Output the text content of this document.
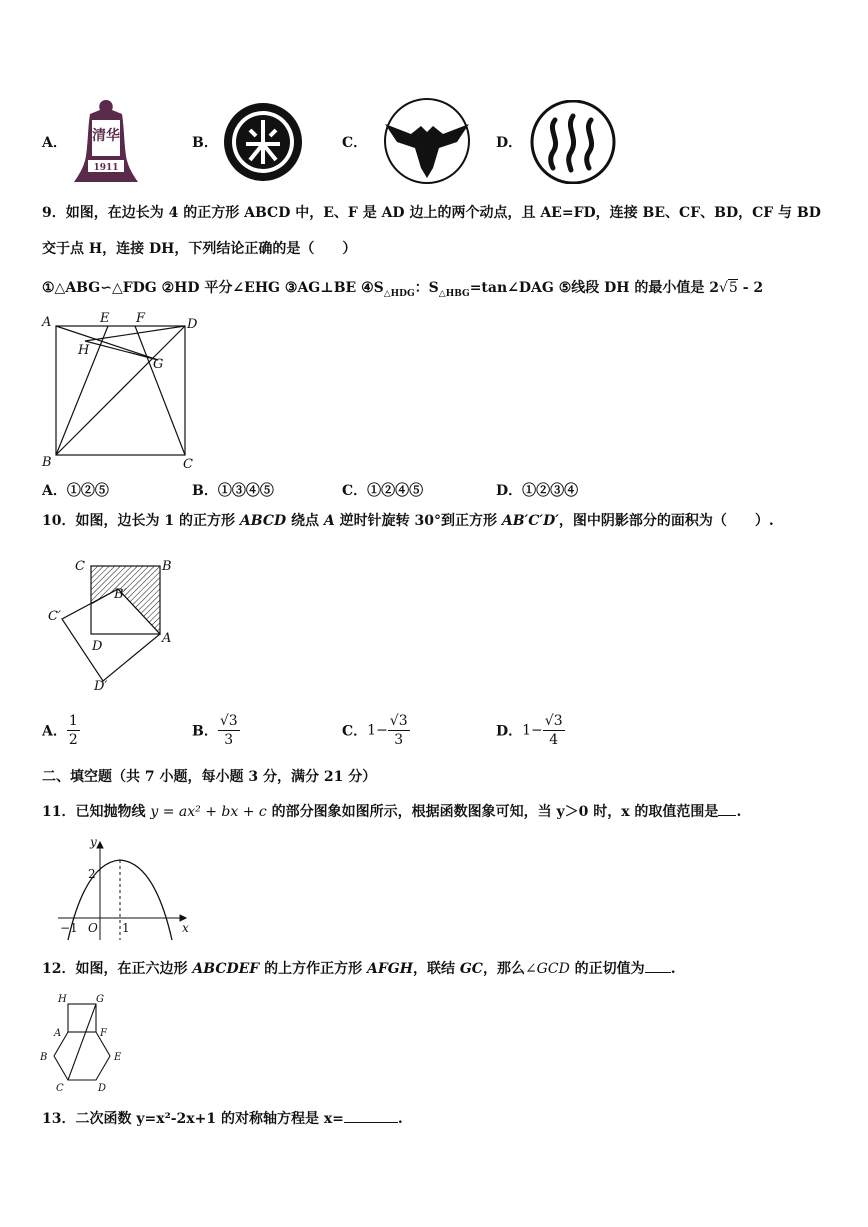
A． 清华
1911
B．	C．	D．
9．如图，在边长为 4 的正方形 ABCD 中，E、F 是 AD 边上的两个动点，且 AE=FD，连接 BE、CF、BD，CF 与 BD
交于点 H，连接 DH，下列结论正确的是（　　）
①△ABG∽△FDG ②HD 平分∠EHG ③AG⊥BE $④S_{\triangle HDG}$：$S_{\triangle HBG}=\tan\angle DAG$ ⑤线段 DH 的最小值是 2√5 - 2
A	E F	D
H
G
B	C
A．①②⑤	B．①③④⑤	C．①②④⑤	D．①②③④
10．如图，边长为 1 的正方形 ABCD 绕点 A 逆时针旋转 30°到正方形 AB′C′D′，图中阴影部分的面积为（　　）.
C	B
B′
C′
D
A
D′
A． $\frac{1}{2}$	B． $\frac{√3}{3}$	C．$1- \frac{√3}{3}$	D．$1- \frac{√3}{4}$
二、填空题（共 7 小题，每小题 3 分，满分 21 分）
11．已知抛物线 y = ax² + bx + c 的部分图象如图所示，根据函数图象可知，当 y＞0 时，x 的取值范围是 .
y
x
2
−1 O 1
12．如图，在正六边形 ABCDEF 的上方作正方形 AFGH，联结 GC，那么∠GCD 的正切值为 .
H	G
A	F
B	E
C	D
13．二次函数 y=x²-2x+1 的对称轴方程是 x=	.
